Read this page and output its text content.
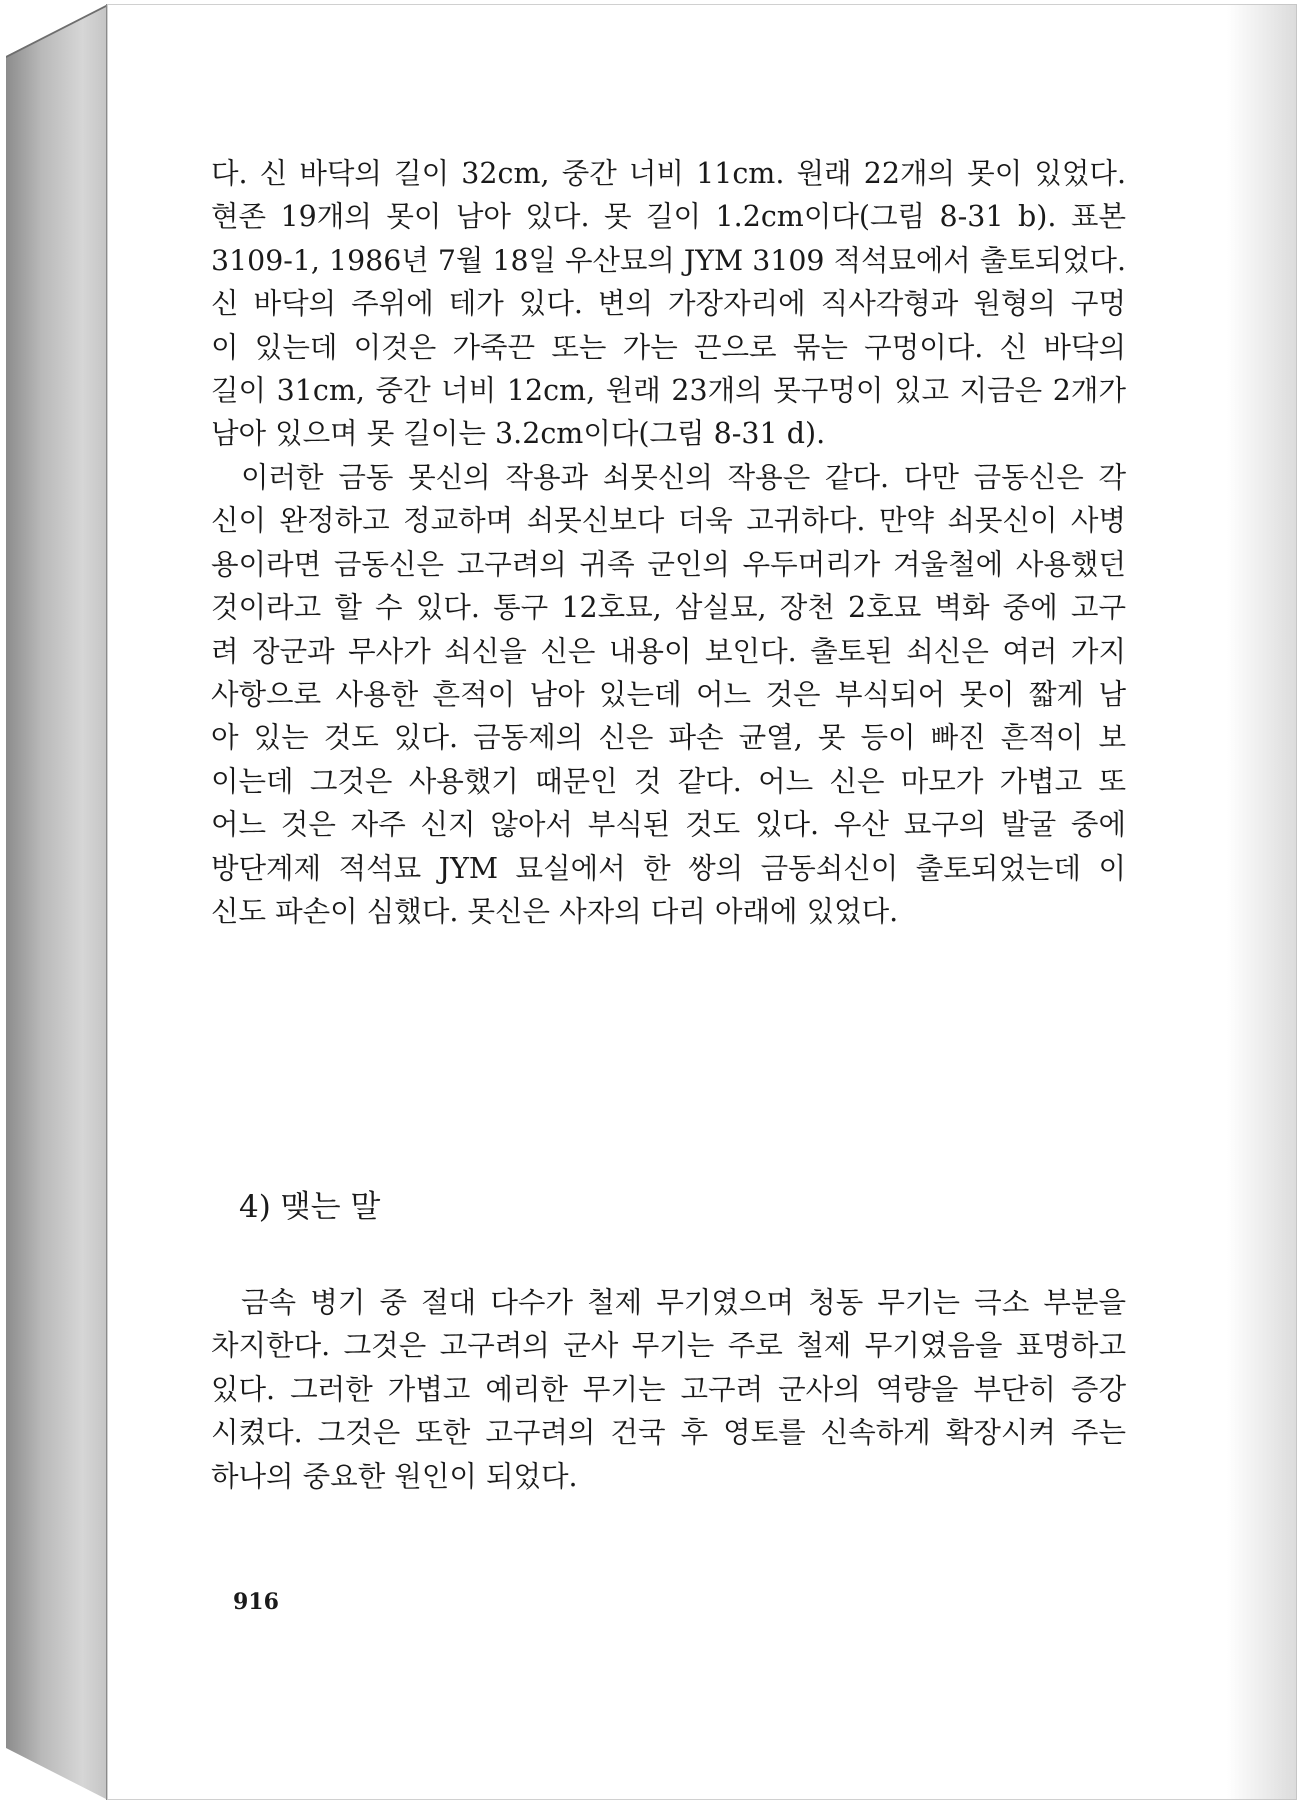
다. 신 바닥의 길이 32cm, 중간 너비 11cm. 원래 22개의 못이 있었다.
현존 19개의 못이 남아 있다. 못 길이 1.2cm이다(그림 8-31 b). 표본
3109-1, 1986년 7월 18일 우산묘의 JYM 3109 적석묘에서 출토되었다.
신 바닥의 주위에 테가 있다. 변의 가장자리에 직사각형과 원형의 구멍
이 있는데 이것은 가죽끈 또는 가는 끈으로 묶는 구멍이다. 신 바닥의
길이 31cm, 중간 너비 12cm, 원래 23개의 못구멍이 있고 지금은 2개가
남아 있으며 못 길이는 3.2cm이다(그림 8-31 d).
이러한 금동 못신의 작용과 쇠못신의 작용은 같다. 다만 금동신은 각
신이 완정하고 정교하며 쇠못신보다 더욱 고귀하다. 만약 쇠못신이 사병
용이라면 금동신은 고구려의 귀족 군인의 우두머리가 겨울철에 사용했던
것이라고 할 수 있다. 통구 12호묘, 삼실묘, 장천 2호묘 벽화 중에 고구
려 장군과 무사가 쇠신을 신은 내용이 보인다. 출토된 쇠신은 여러 가지
사항으로 사용한 흔적이 남아 있는데 어느 것은 부식되어 못이 짧게 남
아 있는 것도 있다. 금동제의 신은 파손 균열, 못 등이 빠진 흔적이 보
이는데 그것은 사용했기 때문인 것 같다. 어느 신은 마모가 가볍고 또
어느 것은 자주 신지 않아서 부식된 것도 있다. 우산 묘구의 발굴 중에
방단계제 적석묘 JYM 묘실에서 한 쌍의 금동쇠신이 출토되었는데 이
신도 파손이 심했다. 못신은 사자의 다리 아래에 있었다.
4) 맺는 말
금속 병기 중 절대 다수가 철제 무기였으며 청동 무기는 극소 부분을
차지한다. 그것은 고구려의 군사 무기는 주로 철제 무기였음을 표명하고
있다. 그러한 가볍고 예리한 무기는 고구려 군사의 역량을 부단히 증강
시켰다. 그것은 또한 고구려의 건국 후 영토를 신속하게 확장시켜 주는
하나의 중요한 원인이 되었다.
916
